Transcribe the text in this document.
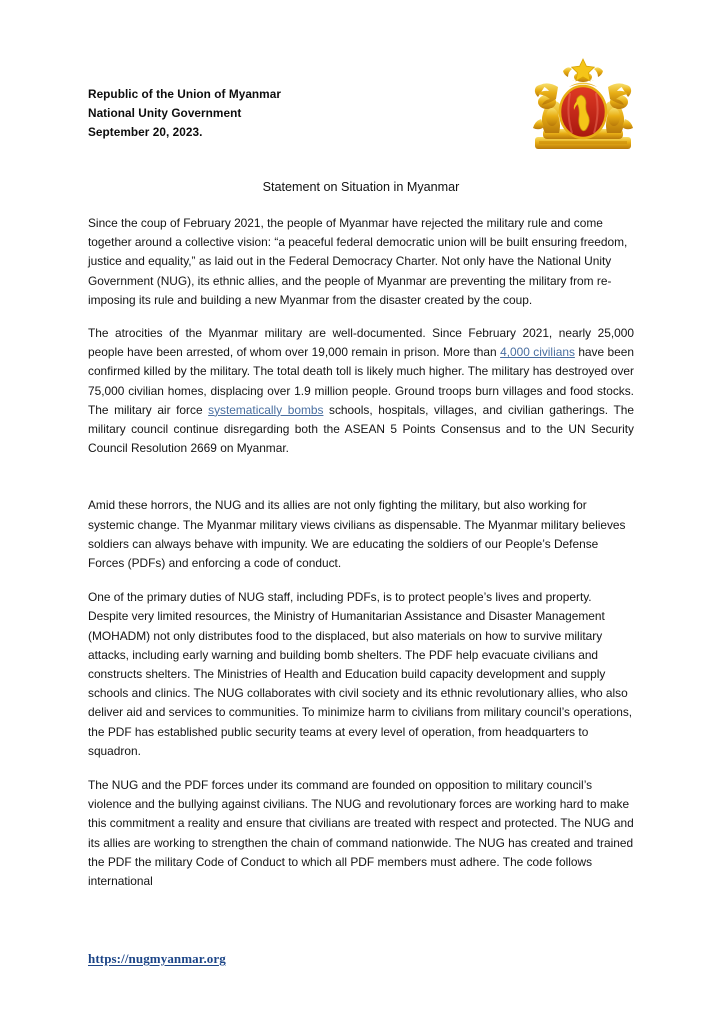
Republic of the Union of Myanmar
National Unity Government
September 20, 2023.
Statement on Situation in Myanmar

Since the coup of February 2021, the people of Myanmar have rejected the military rule and come together around a collective vision: “a peaceful federal democratic union will be built ensuring freedom, justice and equality,” as laid out in the Federal Democracy Charter. Not only have the National Unity Government (NUG), its ethnic allies, and the people of Myanmar are preventing the military from re-imposing its rule and building a new Myanmar from the disaster created by the coup.

The atrocities of the Myanmar military are well-documented. Since February 2021, nearly 25,000 people have been arrested, of whom over 19,000 remain in prison. More than 4,000 civilians have been confirmed killed by the military. The total death toll is likely much higher. The military has destroyed over 75,000 civilian homes, displacing over 1.9 million people. Ground troops burn villages and food stocks. The military air force systematically bombs schools, hospitals, villages, and civilian gatherings. The military council continue disregarding both the ASEAN 5 Points Consensus and to the UN Security Council Resolution 2669 on Myanmar.

Amid these horrors, the NUG and its allies are not only fighting the military, but also working for systemic change. The Myanmar military views civilians as dispensable. The Myanmar military believes soldiers can always behave with impunity. We are educating the soldiers of our People’s Defense Forces (PDFs) and enforcing a code of conduct.

One of the primary duties of NUG staff, including PDFs, is to protect people’s lives and property. Despite very limited resources, the Ministry of Humanitarian Assistance and Disaster Management (MOHADM) not only distributes food to the displaced, but also materials on how to survive military attacks, including early warning and building bomb shelters. The PDF help evacuate civilians and constructs shelters. The Ministries of Health and Education build capacity development and supply schools and clinics. The NUG collaborates with civil society and its ethnic revolutionary allies, who also deliver aid and services to communities. To minimize harm to civilians from military council’s operations, the PDF has established public security teams at every level of operation, from headquarters to squadron.

The NUG and the PDF forces under its command are founded on opposition to military council’s violence and the bullying against civilians. The NUG and revolutionary forces are working hard to make this commitment a reality and ensure that civilians are treated with respect and protected. The NUG and its allies are working to strengthen the chain of command nationwide. The NUG has created and trained the PDF the military Code of Conduct to which all PDF members must adhere. The code follows international

https://nugmyanmar.org
